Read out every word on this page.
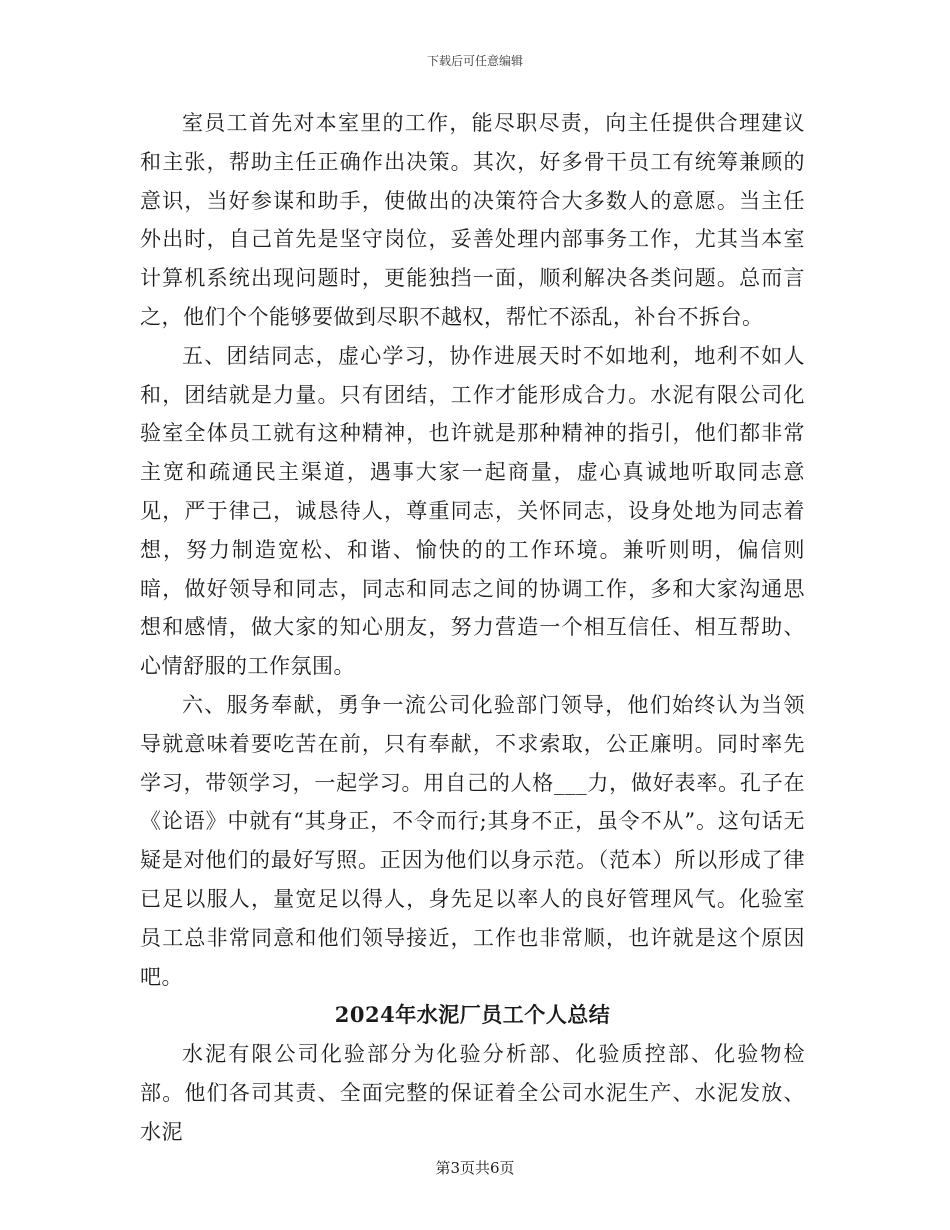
下载后可任意编辑

室员工首先对本室里的工作，能尽职尽责，向主任提供合理建议和主张，帮助主任正确作出决策。其次，好多骨干员工有统筹兼顾的意识，当好参谋和助手，使做出的决策符合大多数人的意愿。当主任外出时，自己首先是坚守岗位，妥善处理内部事务工作，尤其当本室计算机系统出现问题时，更能独挡一面，顺利解决各类问题。总而言之，他们个个能够要做到尽职不越权，帮忙不添乱，补台不拆台。

五、团结同志，虚心学习，协作进展天时不如地利，地利不如人和，团结就是力量。只有团结，工作才能形成合力。水泥有限公司化验室全体员工就有这种精神，也许就是那种精神的指引，他们都非常主宽和疏通民主渠道，遇事大家一起商量，虚心真诚地听取同志意见，严于律己，诚恳待人，尊重同志，关怀同志，设身处地为同志着想，努力制造宽松、和谐、愉快的的工作环境。兼听则明，偏信则暗，做好领导和同志，同志和同志之间的协调工作，多和大家沟通思想和感情，做大家的知心朋友，努力营造一个相互信任、相互帮助、心情舒服的工作氛围。

六、服务奉献，勇争一流公司化验部门领导，他们始终认为当领导就意味着要吃苦在前，只有奉献，不求索取，公正廉明。同时率先学习，带领学习，一起学习。用自己的人格___力，做好表率。孔子在《论语》中就有“其身正，不令而行;其身不正，虽令不从”。这句话无疑是对他们的最好写照。正因为他们以身示范。（范本）所以形成了律已足以服人，量宽足以得人，身先足以率人的良好管理风气。化验室员工总非常同意和他们领导接近，工作也非常顺，也许就是这个原因吧。

2024年水泥厂员工个人总结

水泥有限公司化验部分为化验分析部、化验质控部、化验物检部。他们各司其责、全面完整的保证着全公司水泥生产、水泥发放、水泥

第3页共6页
